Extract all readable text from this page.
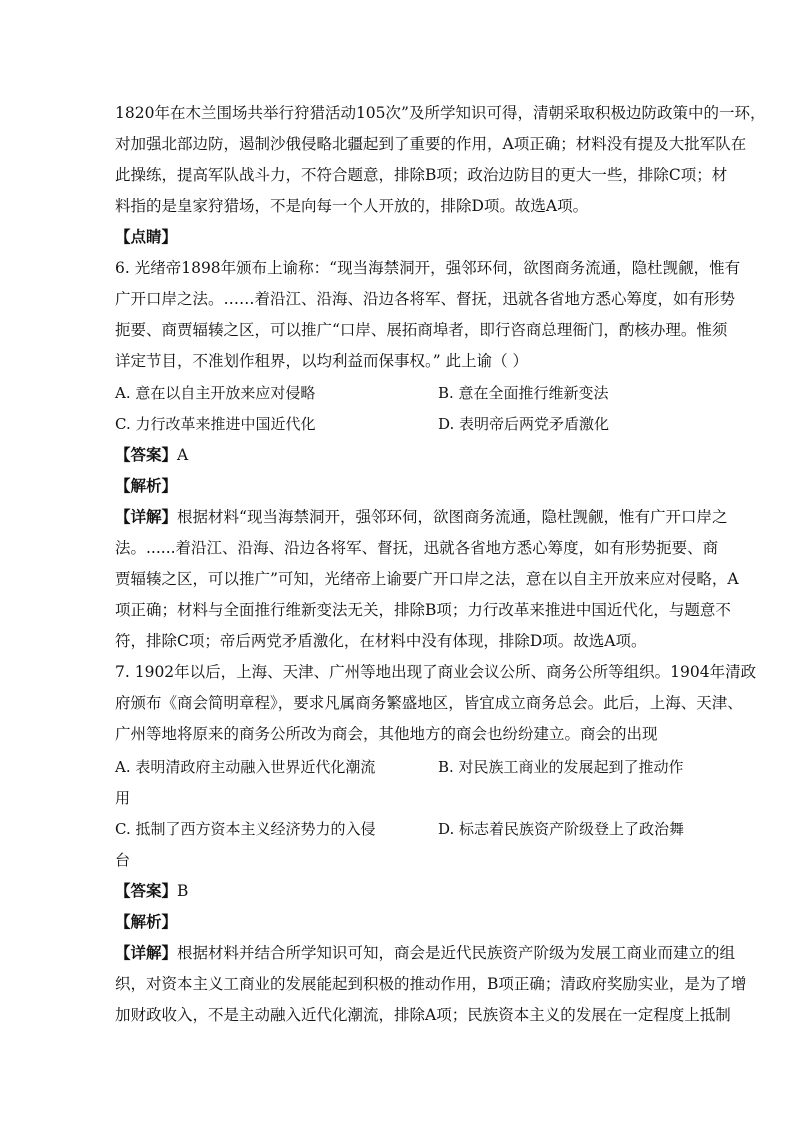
1820年在木兰围场共举行狩猎活动105次”及所学知识可得，清朝采取积极边防政策中的一环，
对加强北部边防，遏制沙俄侵略北疆起到了重要的作用，A项正确；材料没有提及大批军队在
此操练，提高军队战斗力，不符合题意，排除B项；政治边防目的更大一些，排除C项；材
料指的是皇家狩猎场，不是向每一个人开放的，排除D项。故选A项。
【点睛】
6. 光绪帝1898年颁布上谕称：“现当海禁洞开，强邻环伺，欲图商务流通，隐杜觊觎，惟有
广开口岸之法。……着沿江、沿海、沿边各将军、督抚，迅就各省地方悉心筹度，如有形势
扼要、商贾辐辏之区，可以推广“口岸、展拓商埠者，即行咨商总理衙门，酌核办理。惟须
详定节目，不准划作租界，以均利益而保事权。” 此上谕（ ）
A. 意在以自主开放来应对侵略	B. 意在全面推行维新变法
C. 力行改革来推进中国近代化	D. 表明帝后两党矛盾激化
【答案】A
【解析】
【详解】根据材料“现当海禁洞开，强邻环伺，欲图商务流通，隐杜觊觎，惟有广开口岸之
法。......着沿江、沿海、沿边各将军、督抚，迅就各省地方悉心筹度，如有形势扼要、商
贾辐辏之区，可以推广”可知，光绪帝上谕要广开口岸之法，意在以自主开放来应对侵略，A
项正确；材料与全面推行维新变法无关，排除B项；力行改革来推进中国近代化，与题意不
符，排除C项；帝后两党矛盾激化，在材料中没有体现，排除D项。故选A项。
7. 1902年以后，上海、天津、广州等地出现了商业会议公所、商务公所等组织。1904年清政
府颁布《商会简明章程》，要求凡属商务繁盛地区，皆宜成立商务总会。此后，上海、天津、
广州等地将原来的商务公所改为商会，其他地方的商会也纷纷建立。商会的出现
A. 表明清政府主动融入世界近代化潮流	B. 对民族工商业的发展起到了推动作
用
C. 抵制了西方资本主义经济势力的入侵	D. 标志着民族资产阶级登上了政治舞
台
【答案】B
【解析】
【详解】根据材料并结合所学知识可知，商会是近代民族资产阶级为发展工商业而建立的组
织，对资本主义工商业的发展能起到积极的推动作用，B项正确；清政府奖励实业，是为了增
加财政收入，不是主动融入近代化潮流，排除A项；民族资本主义的发展在一定程度上抵制
